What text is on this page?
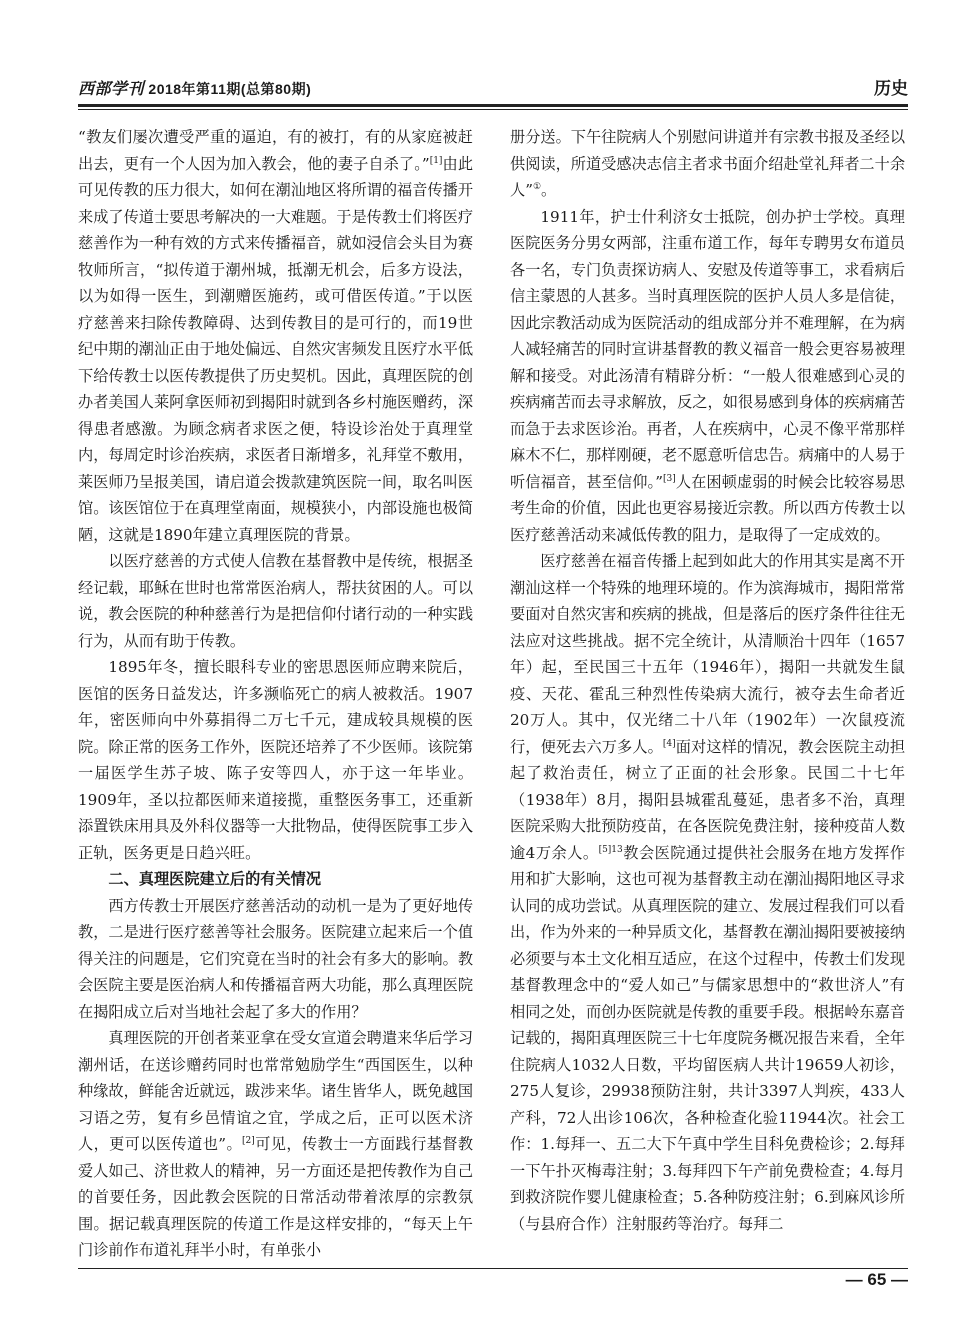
西部学刊 2018年第11期(总第80期)	历史

“教友们屡次遭受严重的逼迫，有的被打，有的从家庭被赶出去，更有一个人因为加入教会，他的妻子自杀了。”[1]由此可见传教的压力很大，如何在潮汕地区将所谓的福音传播开来成了传道士要思考解决的一大难题。于是传教士们将医疗慈善作为一种有效的方式来传播福音，就如浸信会头目为赛牧师所言，“拟传道于潮州城，抵潮无机会，后多方设法，以为如得一医生，到潮赠医施药，或可借医传道。”于以医疗慈善来扫除传教障碍、达到传教目的是可行的，而19世纪中期的潮汕正由于地处偏远、自然灾害频发且医疗水平低下给传教士以医传教提供了历史契机。因此，真理医院的创办者美国人莱阿拿医师初到揭阳时就到各乡村施医赠药，深得患者感激。为顾念病者求医之便，特设诊治处于真理堂内，每周定时诊治疾病，求医者日渐增多，礼拜堂不敷用，莱医师乃呈报美国，请启道会拨款建筑医院一间，取名叫医馆。该医馆位于在真理堂南面，规模狭小，内部设施也极简陋，这就是1890年建立真理医院的背景。

以医疗慈善的方式使人信教在基督教中是传统，根据圣经记载，耶稣在世时也常常医治病人，帮扶贫困的人。可以说，教会医院的种种慈善行为是把信仰付诸行动的一种实践行为，从而有助于传教。

1895年冬，擅长眼科专业的密思恩医师应聘来院后，医馆的医务日益发达，许多濒临死亡的病人被救活。1907年，密医师向中外募捐得二万七千元，建成较具规模的医院。除正常的医务工作外，医院还培养了不少医师。该院第一届医学生苏子坡、陈子安等四人，亦于这一年毕业。1909年，圣以拉都医师来道接揽，重整医务事工，还重新添置铁床用具及外科仪器等一大批物品，使得医院事工步入正轨，医务更是日趋兴旺。

二、真理医院建立后的有关情况

西方传教士开展医疗慈善活动的动机一是为了更好地传教，二是进行医疗慈善等社会服务。医院建立起来后一个值得关注的问题是，它们究竟在当时的社会有多大的影响。教会医院主要是医治病人和传播福音两大功能，那么真理医院在揭阳成立后对当地社会起了多大的作用？

真理医院的开创者莱亚拿在受女宣道会聘遣来华后学习潮州话，在送诊赠药同时也常常勉励学生“西国医生，以种种缘故，鲜能舍近就远，跋涉来华。诸生皆华人，既免越国习语之劳，复有乡邑情谊之宜，学成之后，正可以医术济人，更可以医传道也”。[2]可见，传教士一方面践行基督教爱人如己、济世救人的精神，另一方面还是把传教作为自己的首要任务，因此教会医院的日常活动带着浓厚的宗教氛围。据记载真理医院的传道工作是这样安排的，“每天上午门诊前作布道礼拜半小时，有单张小

册分送。下午往院病人个别慰问讲道并有宗教书报及圣经以供阅读，所道受感决志信主者求书面介绍赴堂礼拜者二十余人”①。

1911年，护士什利济女士抵院，创办护士学校。真理医院医务分男女两部，注重布道工作，每年专聘男女布道员各一名，专门负责探访病人、安慰及传道等事工，求看病后信主蒙恩的人甚多。当时真理医院的医护人员人多是信徒，因此宗教活动成为医院活动的组成部分并不难理解，在为病人减轻痛苦的同时宣讲基督教的教义福音一般会更容易被理解和接受。对此汤清有精辟分析：“一般人很难感到心灵的疾病痛苦而去寻求解放，反之，如很易感到身体的疾病痛苦而急于去求医诊治。再者，人在疾病中，心灵不像平常那样麻木不仁，那样刚硬，老不愿意听信忠告。病痛中的人易于听信福音，甚至信仰。”[3]人在困顿虚弱的时候会比较容易思考生命的价值，因此也更容易接近宗教。所以西方传教士以医疗慈善活动来减低传教的阻力，是取得了一定成效的。

医疗慈善在福音传播上起到如此大的作用其实是离不开潮汕这样一个特殊的地理环境的。作为滨海城市，揭阳常常要面对自然灾害和疾病的挑战，但是落后的医疗条件往往无法应对这些挑战。据不完全统计，从清顺治十四年（1657年）起，至民国三十五年（1946年），揭阳一共就发生鼠疫、天花、霍乱三种烈性传染病大流行，被夺去生命者近20万人。其中，仅光绪二十八年（1902年）一次鼠疫流行，便死去六万多人。[4]面对这样的情况，教会医院主动担起了救治责任，树立了正面的社会形象。民国二十七年（1938年）8月，揭阳县城霍乱蔓延，患者多不治，真理医院采购大批预防疫苗，在各医院免费注射，接种疫苗人数逾4万余人。$^{[5]13}$教会医院通过提供社会服务在地方发挥作用和扩大影响，这也可视为基督教主动在潮汕揭阳地区寻求认同的成功尝试。从真理医院的建立、发展过程我们可以看出，作为外来的一种异质文化，基督教在潮汕揭阳要被接纳必须要与本土文化相互适应，在这个过程中，传教士们发现基督教理念中的“爱人如己”与儒家思想中的“救世济人”有相同之处，而创办医院就是传教的重要手段。根据岭东嘉音记载的，揭阳真理医院三十七年度院务概况报告来看，全年住院病人1032人日数，平均留医病人共计19659人初诊，275人复诊，29938预防注射，共计3397人判疾，433人产科，72人出诊106次，各种检查化验11944次。社会工作：1.每拜一、五二大下午真中学生目科免费检诊；2.每拜一下午扑灭梅毒注射；3.每拜四下午产前免费检查；4.每月到救济院作婴儿健康检查；5.各种防疫注射；6.到麻风诊所（与县府合作）注射服药等治疗。每拜二

— 65 —
